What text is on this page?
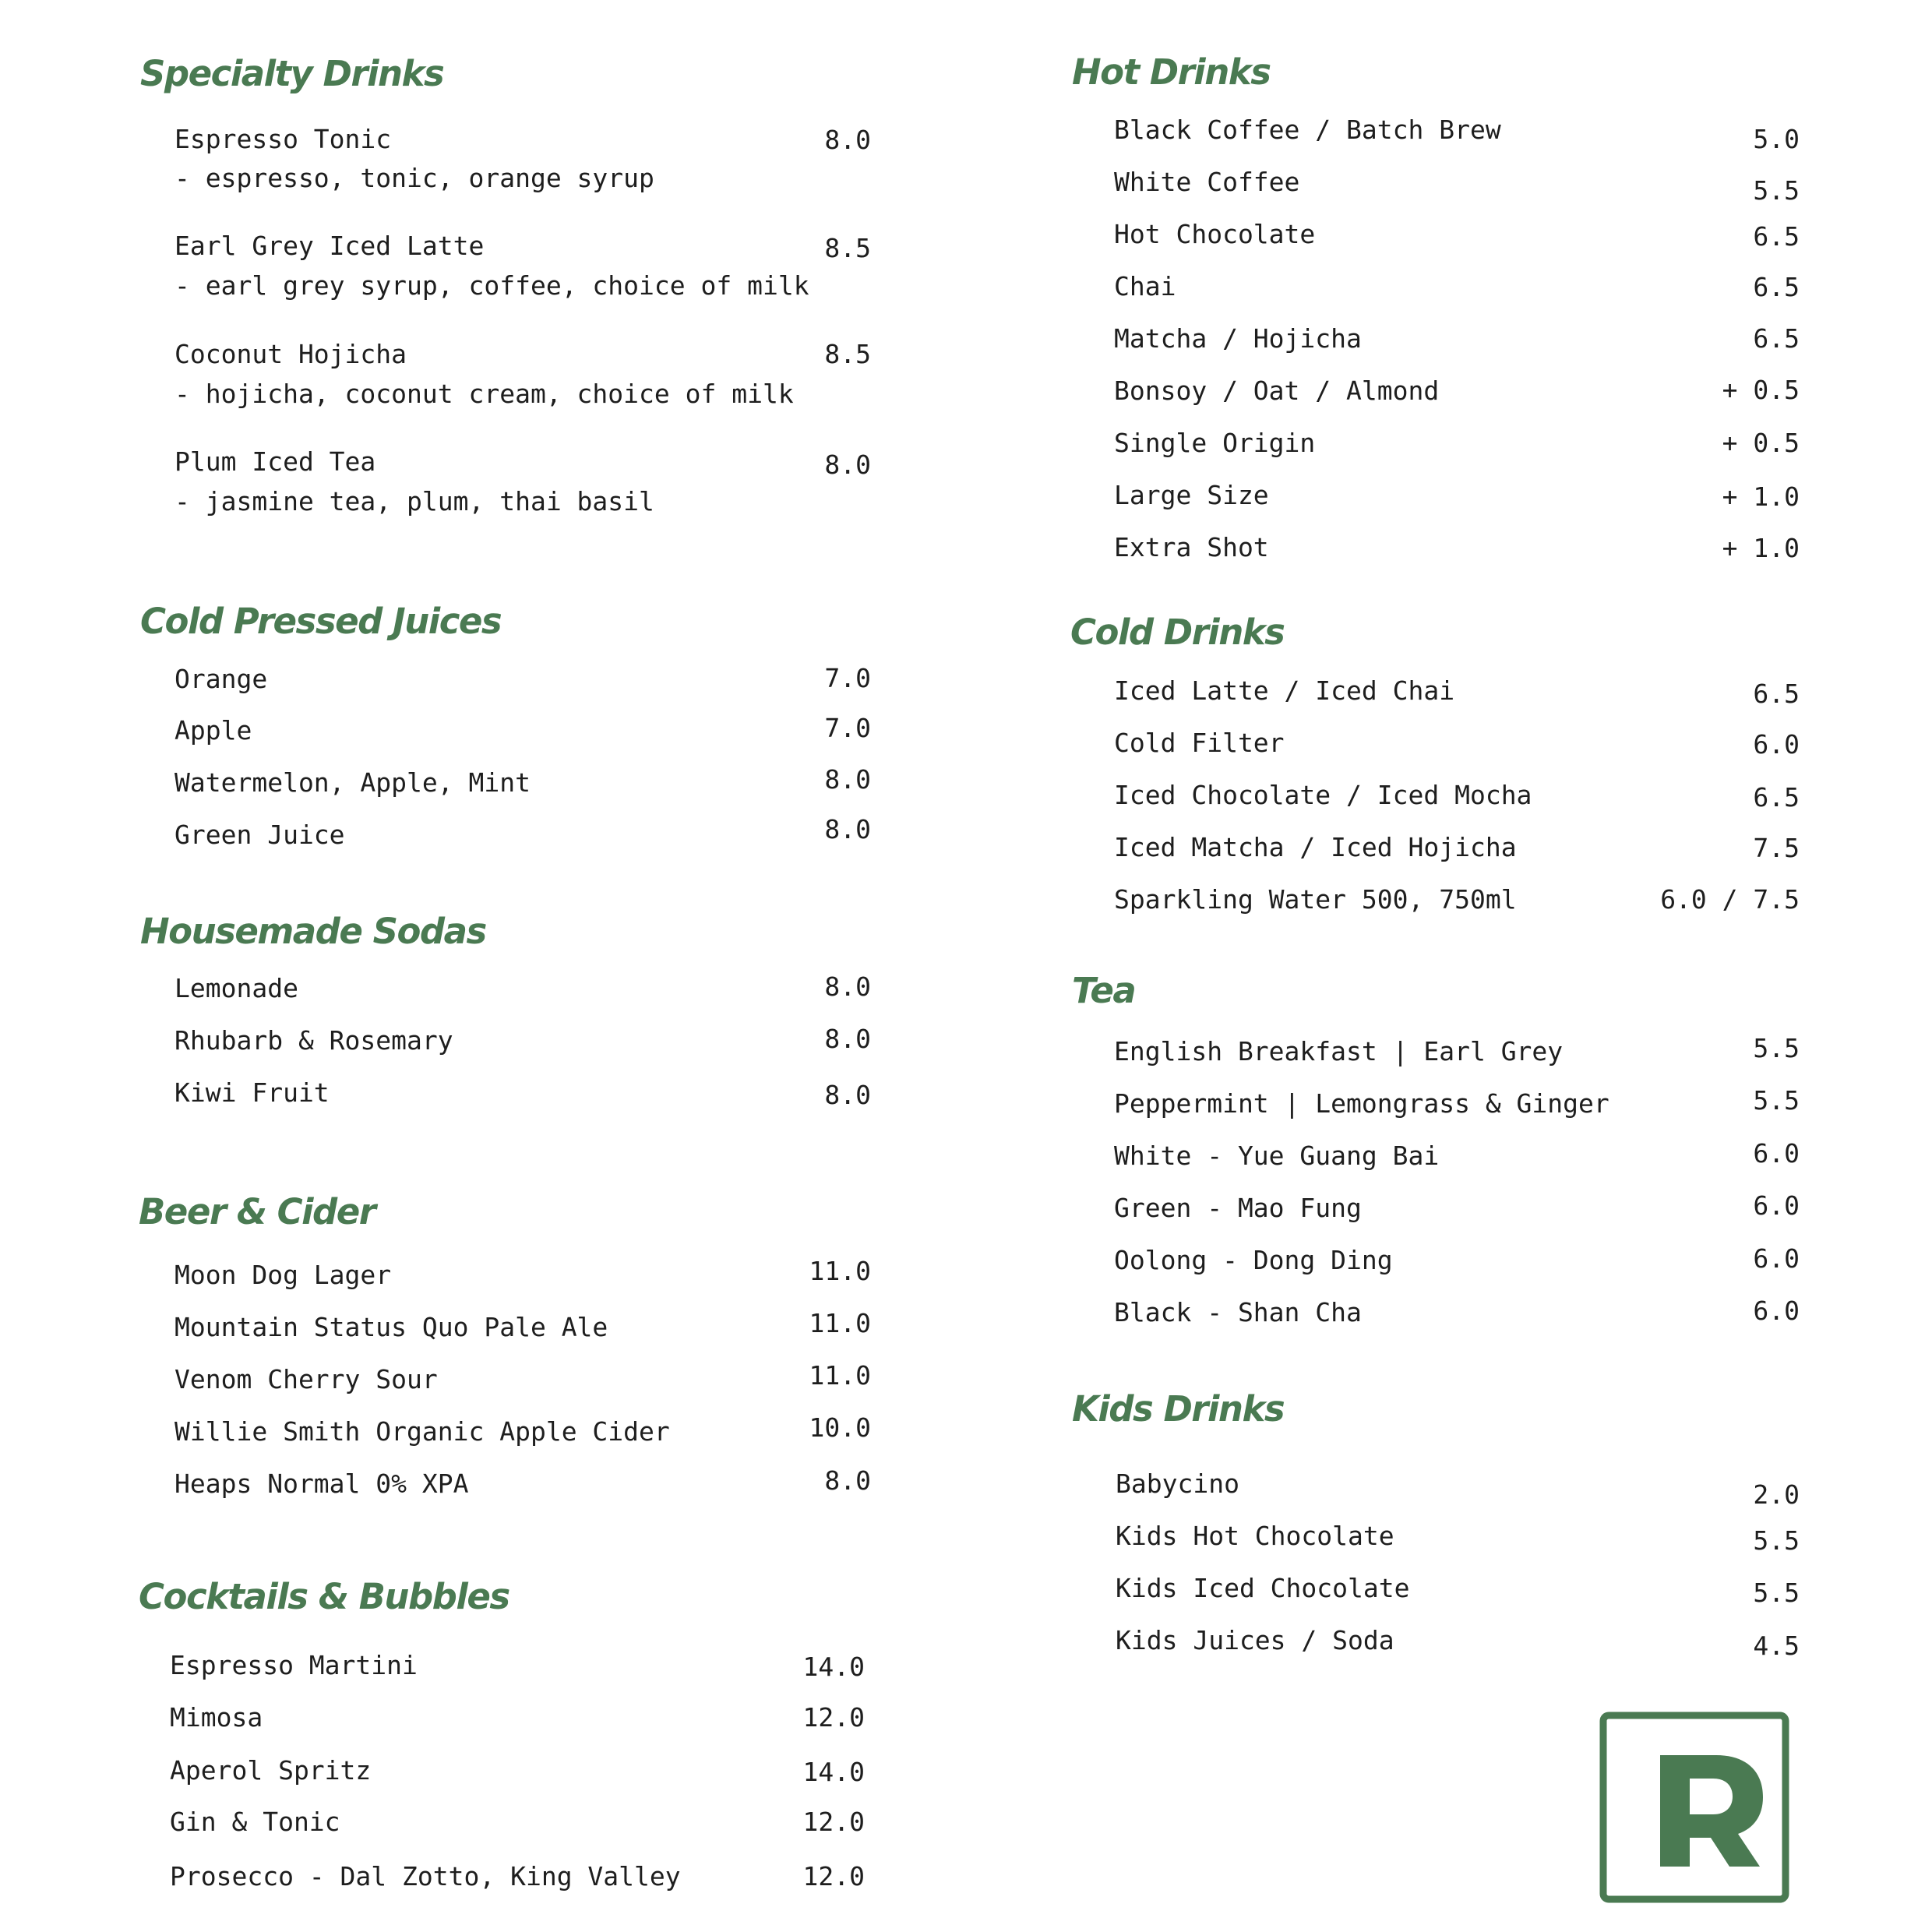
Specialty Drinks
Espresso Tonic	8.0
- espresso, tonic, orange syrup
Earl Grey Iced Latte	8.5
- earl grey syrup, coffee, choice of milk
Coconut Hojicha	8.5
- hojicha, coconut cream, choice of milk
Plum Iced Tea	8.0
- jasmine tea, plum, thai basil
Cold Pressed Juices
Orange	7.0
Apple	7.0
Watermelon, Apple, Mint	8.0
Green Juice	8.0
Housemade Sodas
Lemonade	8.0
Rhubarb & Rosemary	8.0
Kiwi Fruit	8.0
Beer & Cider
Moon Dog Lager	11.0
Mountain Status Quo Pale Ale	11.0
Venom Cherry Sour	11.0
Willie Smith Organic Apple Cider	10.0
Heaps Normal 0% XPA	8.0
Cocktails & Bubbles
Espresso Martini	14.0
Mimosa	12.0
Aperol Spritz	14.0
Gin & Tonic	12.0
Prosecco - Dal Zotto, King Valley	12.0
Hot Drinks
Black Coffee / Batch Brew	5.0
White Coffee	5.5
Hot Chocolate	6.5
Chai	6.5
Matcha / Hojicha	6.5
Bonsoy / Oat / Almond	+ 0.5
Single Origin	+ 0.5
Large Size	+ 1.0
Extra Shot	+ 1.0
Cold Drinks
Iced Latte / Iced Chai	6.5
Cold Filter	6.0
Iced Chocolate / Iced Mocha	6.5
Iced Matcha / Iced Hojicha	7.5
Sparkling Water 500, 750ml	6.0 / 7.5
Tea
English Breakfast | Earl Grey	5.5
Peppermint | Lemongrass & Ginger	5.5
White - Yue Guang Bai	6.0
Green - Mao Fung	6.0
Oolong - Dong Ding	6.0
Black - Shan Cha	6.0
Kids Drinks
Babycino	2.0
Kids Hot Chocolate	5.5
Kids Iced Chocolate	5.5
Kids Juices / Soda	4.5
